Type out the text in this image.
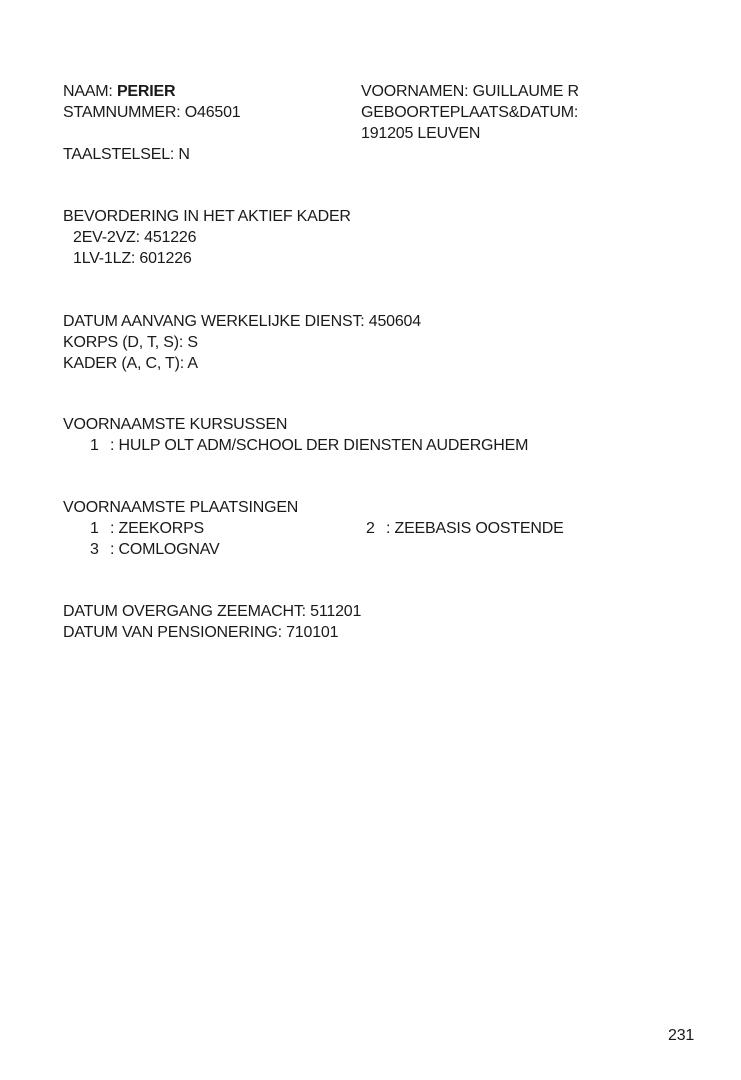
NAAM: PERIER
STAMNUMMER: O46501
TAALSTELSEL: N
VOORNAMEN: GUILLAUME R
GEBOORTEPLAATS&DATUM:
191205 LEUVEN
BEVORDERING IN HET AKTIEF KADER
2EV-2VZ: 451226
1LV-1LZ: 601226
DATUM AANVANG WERKELIJKE DIENST: 450604
KORPS (D, T, S): S
KADER (A, C, T): A
VOORNAAMSTE KURSUSSEN
1 : HULP OLT ADM/SCHOOL DER DIENSTEN AUDERGHEM
VOORNAAMSTE PLAATSINGEN
1 : ZEEKORPS	2 : ZEEBASIS OOSTENDE
3 : COMLOGNAV
DATUM OVERGANG ZEEMACHT: 511201
DATUM VAN PENSIONERING: 710101
231
